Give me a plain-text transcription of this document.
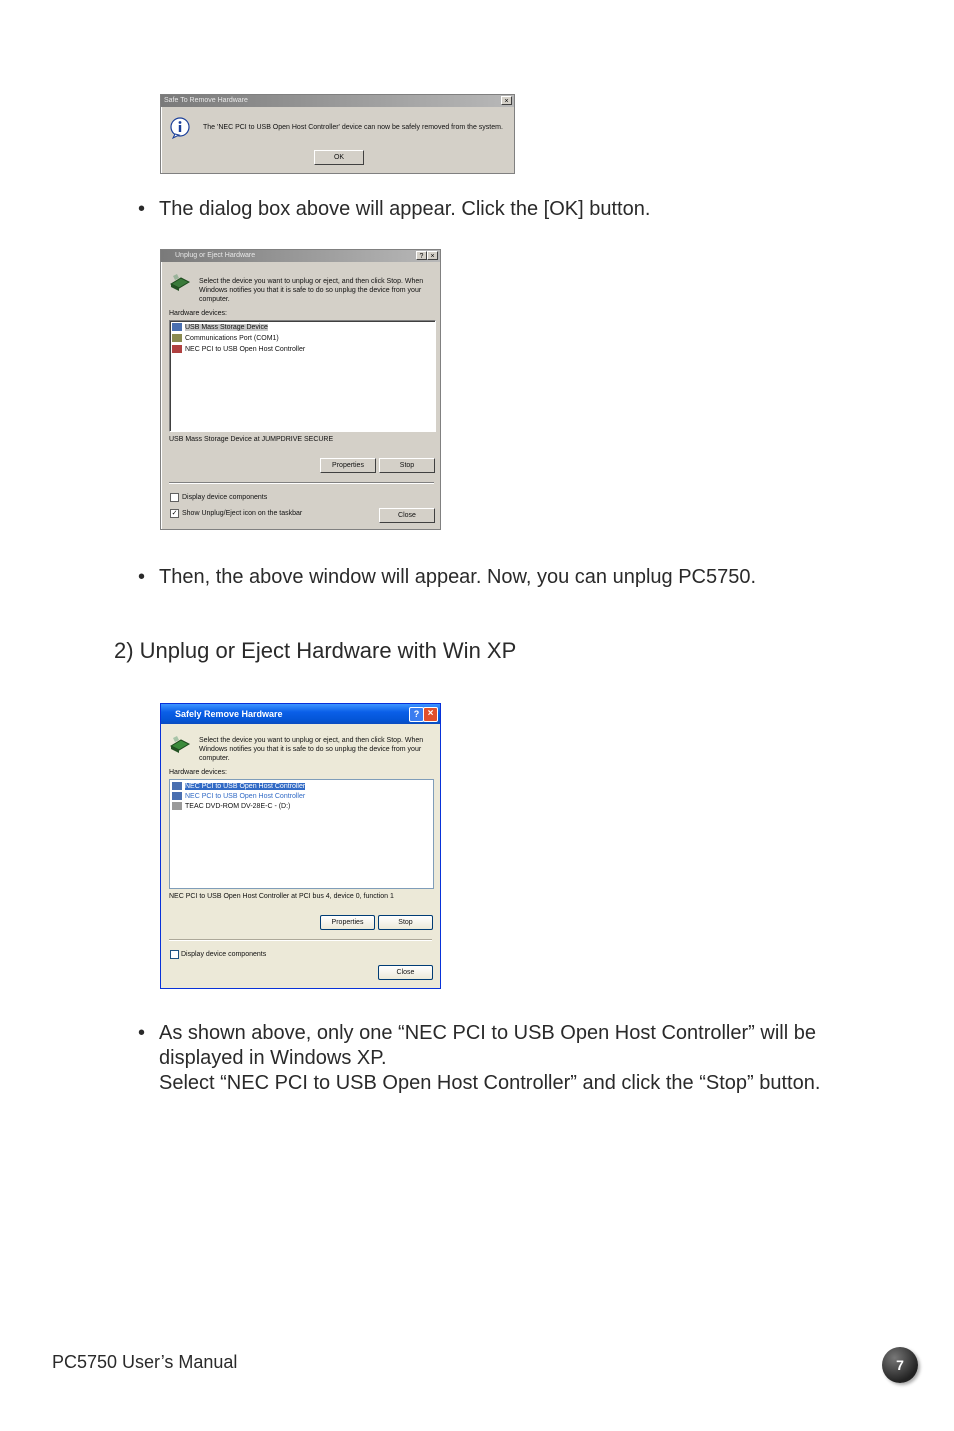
Safe To Remove Hardware	×
The 'NEC PCI to USB Open Host Controller' device can now be safely removed from the system.
OK
• The dialog box above will appear. Click the [OK] button.
Unplug or Eject Hardware	?	×
Select the device you want to unplug or eject, and then click Stop. When
Windows notifies you that it is safe to do so unplug the device from your
computer.
Hardware devices:
USB Mass Storage Device
Communications Port (COM1)
NEC PCI to USB Open Host Controller
USB Mass Storage Device at JUMPDRIVE SECURE
Properties	Stop
Display device components
✓ Show Unplug/Eject icon on the taskbar	Close
• Then, the above window will appear. Now, you can unplug PC5750.
2) Unplug or Eject Hardware with Win XP
Safely Remove Hardware	? ×
Select the device you want to unplug or eject, and then click Stop. When
Windows notifies you that it is safe to do so unplug the device from your
computer.
Hardware devices:
NEC PCI to USB Open Host Controller
NEC PCI to USB Open Host Controller
TEAC DVD-ROM DV-28E-C - (D:)
NEC PCI to USB Open Host Controller at PCI bus 4, device 0, function 1
Properties	Stop
Display device components
Close
• As shown above, only one “NEC PCI to USB Open Host Controller” will be
displayed in Windows XP.
Select “NEC PCI to USB Open Host Controller” and click the “Stop” button.
PC5750 User’s Manual	7
